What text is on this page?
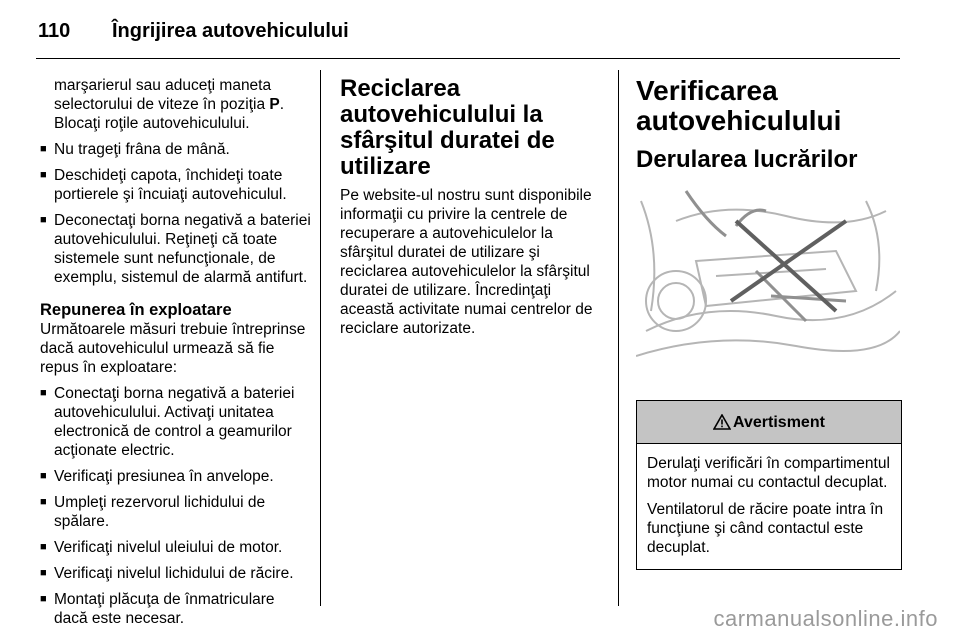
110 Îngrijirea autovehiculului

marşarierul sau aduceţi maneta selectorului de viteze în poziţia P. Blocaţi roţile autovehiculului.

■ Nu trageţi frâna de mână.
■ Deschideţi capota, închideţi toate portierele şi încuiaţi autovehiculul.
■ Deconectaţi borna negativă a bateriei autovehiculului. Reţineţi că toate sistemele sunt nefuncţionale, de exemplu, sistemul de alarmă antifurt.
Repunerea în exploatare

Următoarele măsuri trebuie întreprinse dacă autovehiculul urmează să fie repus în exploatare:

■ Conectaţi borna negativă a bateriei autovehiculului. Activaţi unitatea electronică de control a geamurilor acţionate electric.
■ Verificaţi presiunea în anvelope.
■ Umpleţi rezervorul lichidului de spălare.
■ Verificaţi nivelul uleiului de motor.
■ Verificaţi nivelul lichidului de răcire.
■ Montaţi plăcuţa de înmatriculare dacă este necesar.
Reciclarea autovehiculului la sfârşitul duratei de utilizare

Pe website-ul nostru sunt disponibile informaţii cu privire la centrele de recuperare a autovehiculelor la sfârşitul duratei de utilizare şi reciclarea autovehiculelor la sfârşitul duratei de utilizare. Încredinţaţi această activitate numai centrelor de reciclare autorizate.

Verificarea autovehiculului
Derularea lucrărilor
Avertisment

Derulaţi verificări în compartimentul motor numai cu contactul decuplat.

Ventilatorul de răcire poate intra în funcţiune şi când contactul este decuplat.

carmanualsonline.info
